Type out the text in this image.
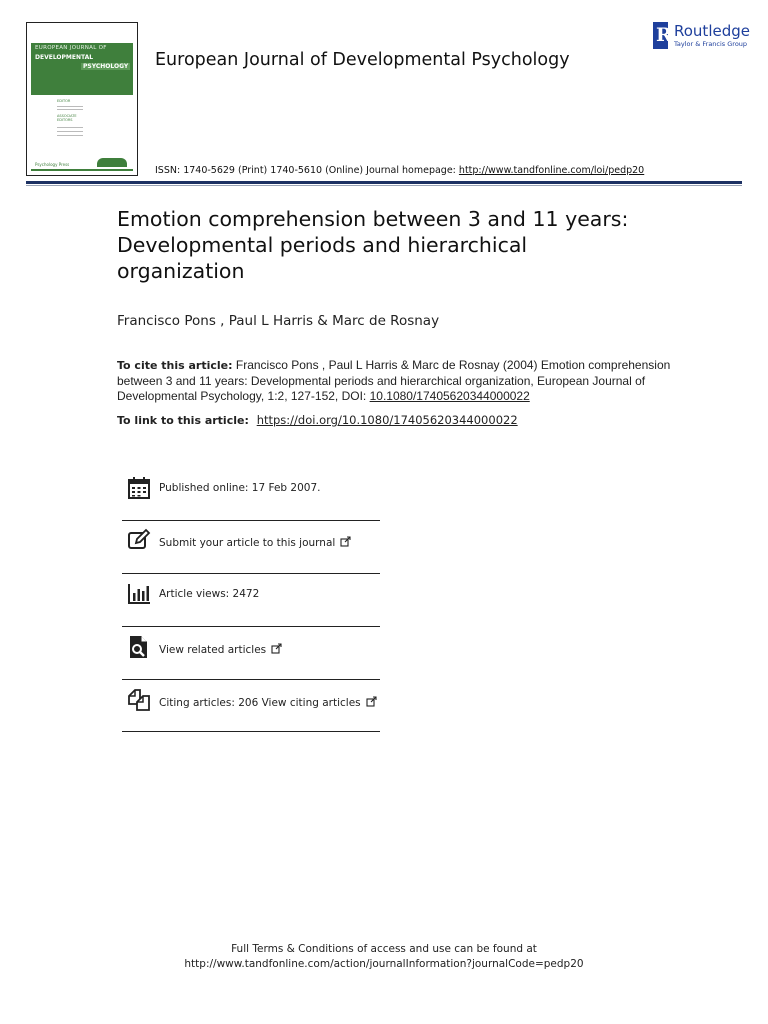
EUROPEAN JOURNAL OF
DEVELOPMENTAL
PSYCHOLOGY
EDITOR
ASSOCIATE EDITORS
Psychology Press
European Journal of Developmental Psychology
ISSN: 1740-5629 (Print) 1740-5610 (Online) Journal homepage: http://www.tandfonline.com/loi/pedp20
R Routledge
Taylor & Francis Group
Emotion comprehension between 3 and 11 years: Developmental periods and hierarchical organization
Francisco Pons , Paul L Harris & Marc de Rosnay
To cite this article: Francisco Pons , Paul L Harris & Marc de Rosnay (2004) Emotion comprehension between 3 and 11 years: Developmental periods and hierarchical organization, European Journal of Developmental Psychology, 1:2, 127-152, DOI: 10.1080/17405620344000022
To link to this article: https://doi.org/10.1080/17405620344000022
Published online: 17 Feb 2007.
Submit your article to this journal
Article views: 2472
View related articles
Citing articles: 206 View citing articles
Full Terms & Conditions of access and use can be found at
http://www.tandfonline.com/action/journalInformation?journalCode=pedp20
